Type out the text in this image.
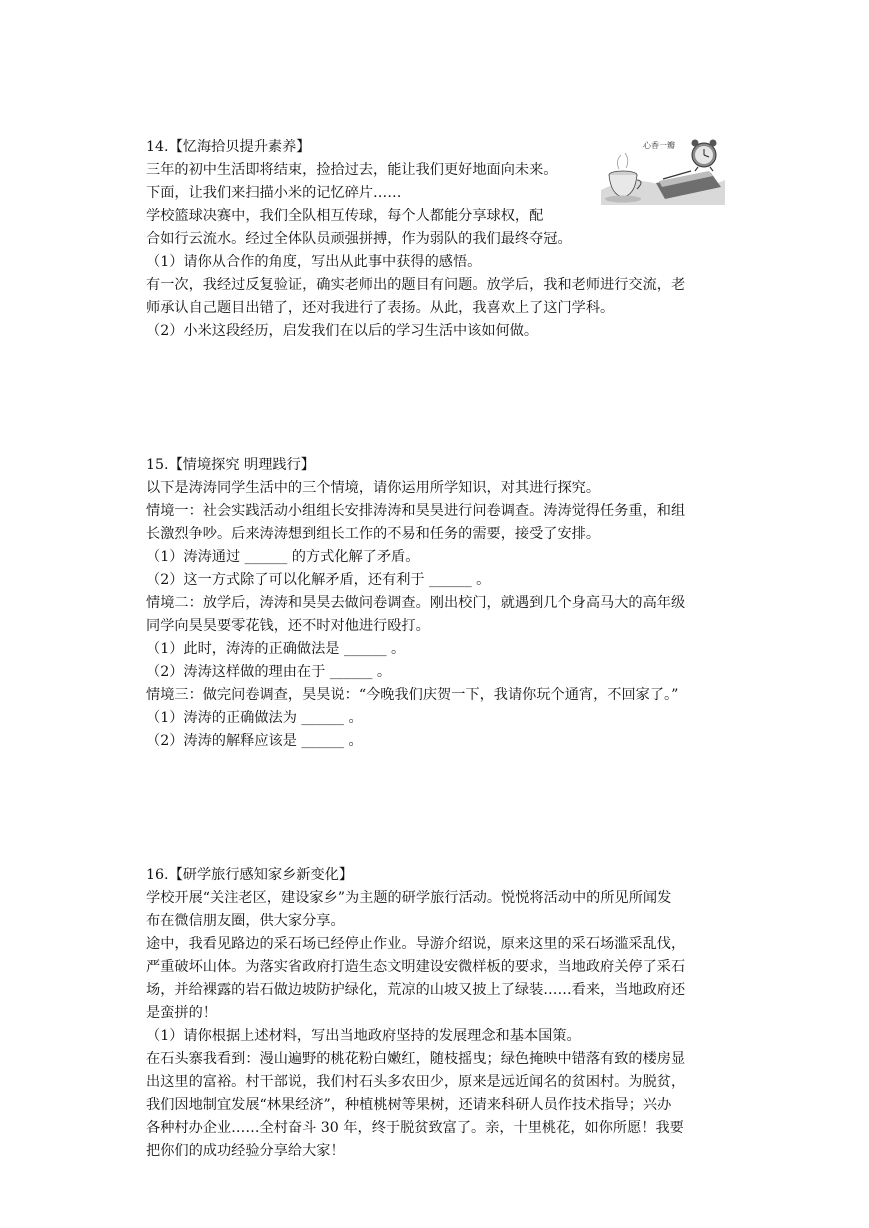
14.【忆海拾贝提升素养】
三年的初中生活即将结束，捡拾过去，能让我们更好地面向未来。
下面，让我们来扫描小米的记忆碎片……
学校篮球决赛中，我们全队相互传球，每个人都能分享球权，配
合如行云流水。经过全体队员顽强拼搏，作为弱队的我们最终夺冠。
（1）请你从合作的角度，写出从此事中获得的感悟。
有一次，我经过反复验证，确实老师出的题目有问题。放学后，我和老师进行交流，老
师承认自己题目出错了，还对我进行了表扬。从此，我喜欢上了这门学科。
（2）小米这段经历，启发我们在以后的学习生活中该如何做。
心香一瓣
15.【情境探究 明理践行】
以下是涛涛同学生活中的三个情境，请你运用所学知识，对其进行探究。
情境一：社会实践活动小组组长安排涛涛和昊昊进行问卷调查。涛涛觉得任务重，和组
长激烈争吵。后来涛涛想到组长工作的不易和任务的需要，接受了安排。
（1）涛涛通过 ______ 的方式化解了矛盾。
（2）这一方式除了可以化解矛盾，还有利于 ______ 。
情境二：放学后，涛涛和昊昊去做问卷调查。刚出校门，就遇到几个身高马大的高年级
同学向昊昊要零花钱，还不时对他进行殴打。
（1）此时，涛涛的正确做法是 ______ 。
（2）涛涛这样做的理由在于 ______ 。
情境三：做完问卷调查，昊昊说：“今晚我们庆贺一下，我请你玩个通宵，不回家了。”
（1）涛涛的正确做法为 ______ 。
（2）涛涛的解释应该是 ______ 。
16.【研学旅行感知家乡新变化】
学校开展“关注老区，建设家乡”为主题的研学旅行活动。悦悦将活动中的所见所闻发
布在微信朋友圈，供大家分享。
途中，我看见路边的采石场已经停止作业。导游介绍说，原来这里的采石场滥采乱伐，
严重破坏山体。为落实省政府打造生态文明建设安微样板的要求，当地政府关停了采石
场，并给裸露的岩石做边坡防护绿化，荒凉的山坡又披上了绿装……看来，当地政府还
是蛮拼的！
（1）请你根据上述材料，写出当地政府坚持的发展理念和基本国策。
在石头寨我看到：漫山遍野的桃花粉白嫩红，随枝摇曳；绿色掩映中错落有致的楼房显
出这里的富裕。村干部说，我们村石头多农田少，原来是远近闻名的贫困村。为脱贫，
我们因地制宜发展“林果经济”，种植桃树等果树，还请来科研人员作技术指导；兴办
各种村办企业……全村奋斗 30 年，终于脱贫致富了。亲，十里桃花，如你所愿！我要
把你们的成功经验分享给大家！
